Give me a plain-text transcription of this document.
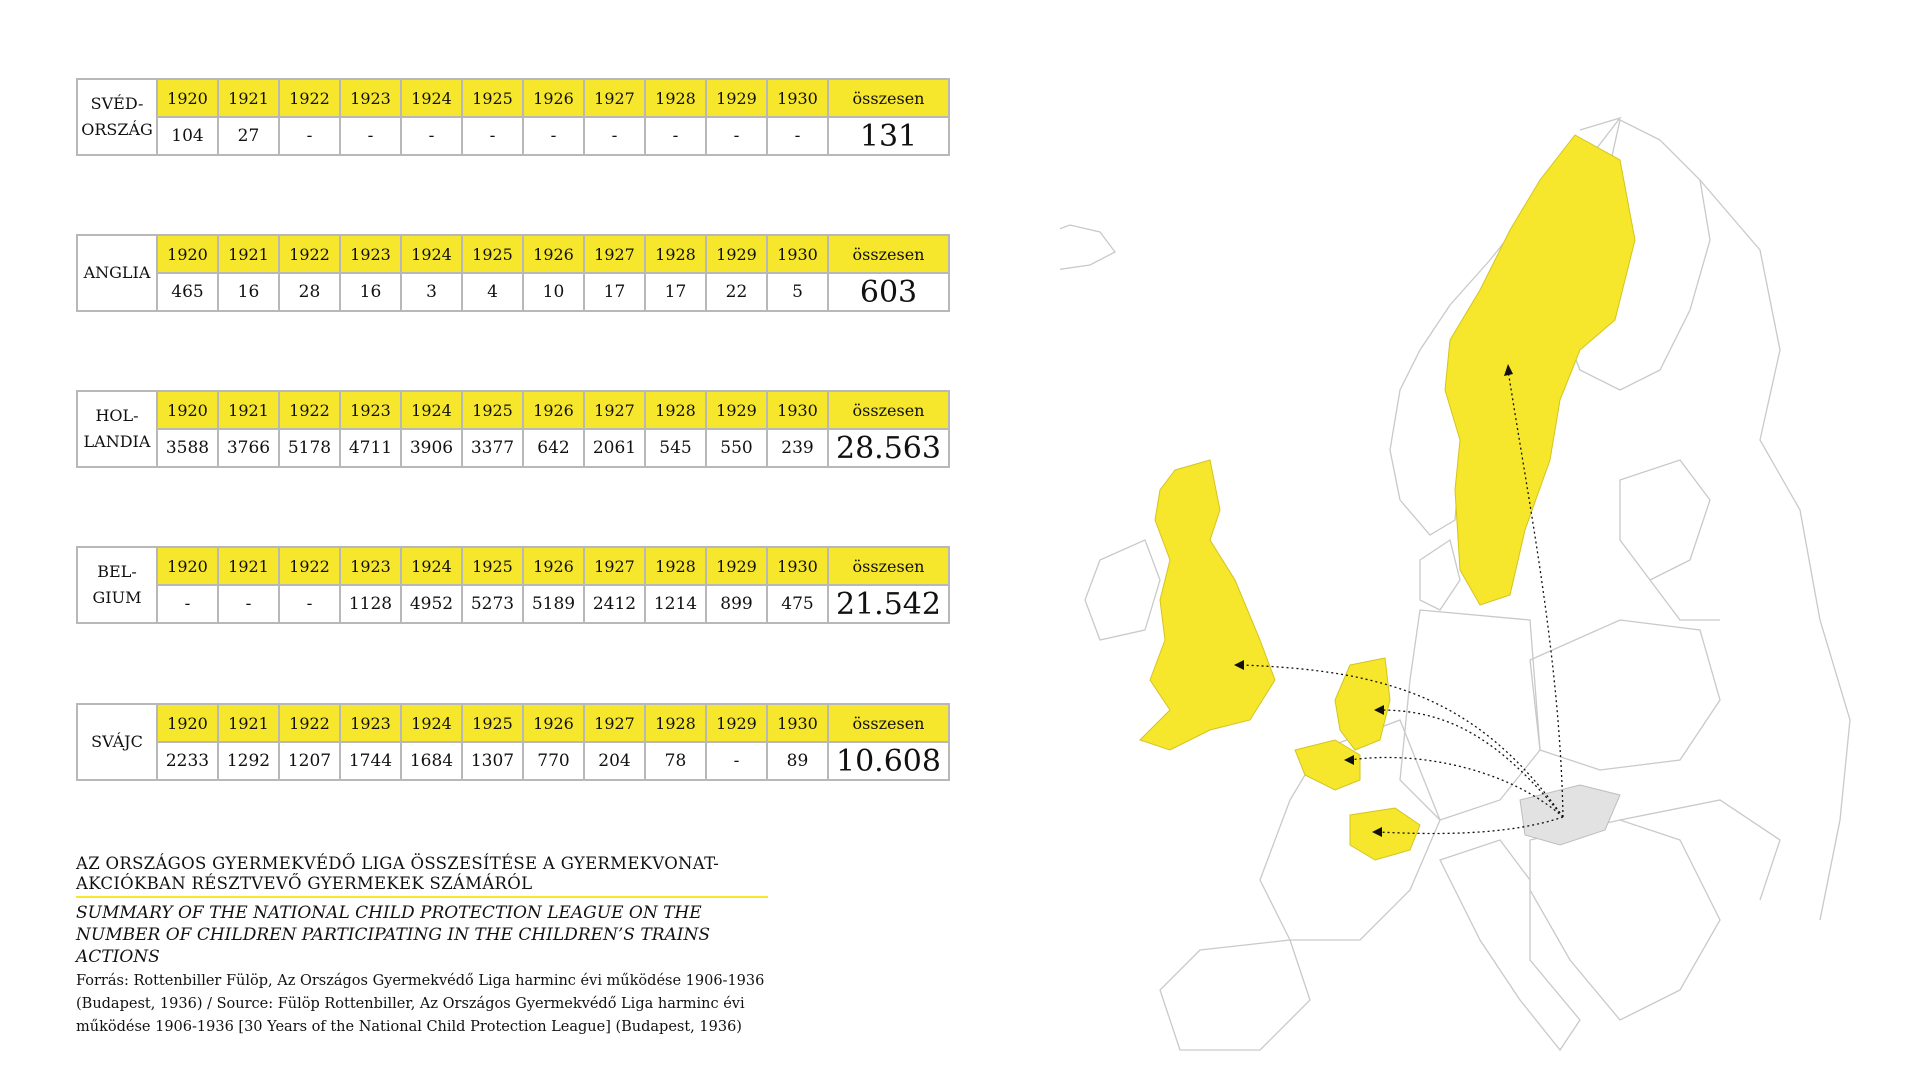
SVÉD-
ORSZÁG	1920	1921	1922	1923	1924	1925	1926	1927	1928	1929	1930	összesen
	104	27	-	-	-	-	-	-	-	-	-	131
ANGLIA	1920	1921	1922	1923	1924	1925	1926	1927	1928	1929	1930	összesen
	465	16	28	16	3	4	10	17	17	22	5	603
HOL-
LANDIA	1920	1921	1922	1923	1924	1925	1926	1927	1928	1929	1930	összesen
	3588	3766	5178	4711	3906	3377	642	2061	545	550	239	28.563
BEL-
GIUM	1920	1921	1922	1923	1924	1925	1926	1927	1928	1929	1930	összesen
	-	-	-	1128	4952	5273	5189	2412	1214	899	475	21.542
SVÁJC	1920	1921	1922	1923	1924	1925	1926	1927	1928	1929	1930	összesen
	2233	1292	1207	1744	1684	1307	770	204	78	-	89	10.608
AZ ORSZÁGOS GYERMEKVÉDŐ LIGA ÖSSZESÍTÉSE A GYERMEKVONAT-AKCIÓKBAN RÉSZTVEVŐ GYERMEKEK SZÁMÁRÓL
SUMMARY OF THE NATIONAL CHILD PROTECTION LEAGUE ON THE NUMBER OF CHILDREN PARTICIPATING IN THE CHILDREN’S TRAINS ACTIONS
Forrás: Rottenbiller Fülöp, Az Országos Gyermekvédő Liga harminc évi működése 1906-1936 (Budapest, 1936) / Source: Fülöp Rottenbiller, Az Országos Gyermekvédő Liga harminc évi működése 1906-1936 [30 Years of the National Child Protection League] (Budapest, 1936)
